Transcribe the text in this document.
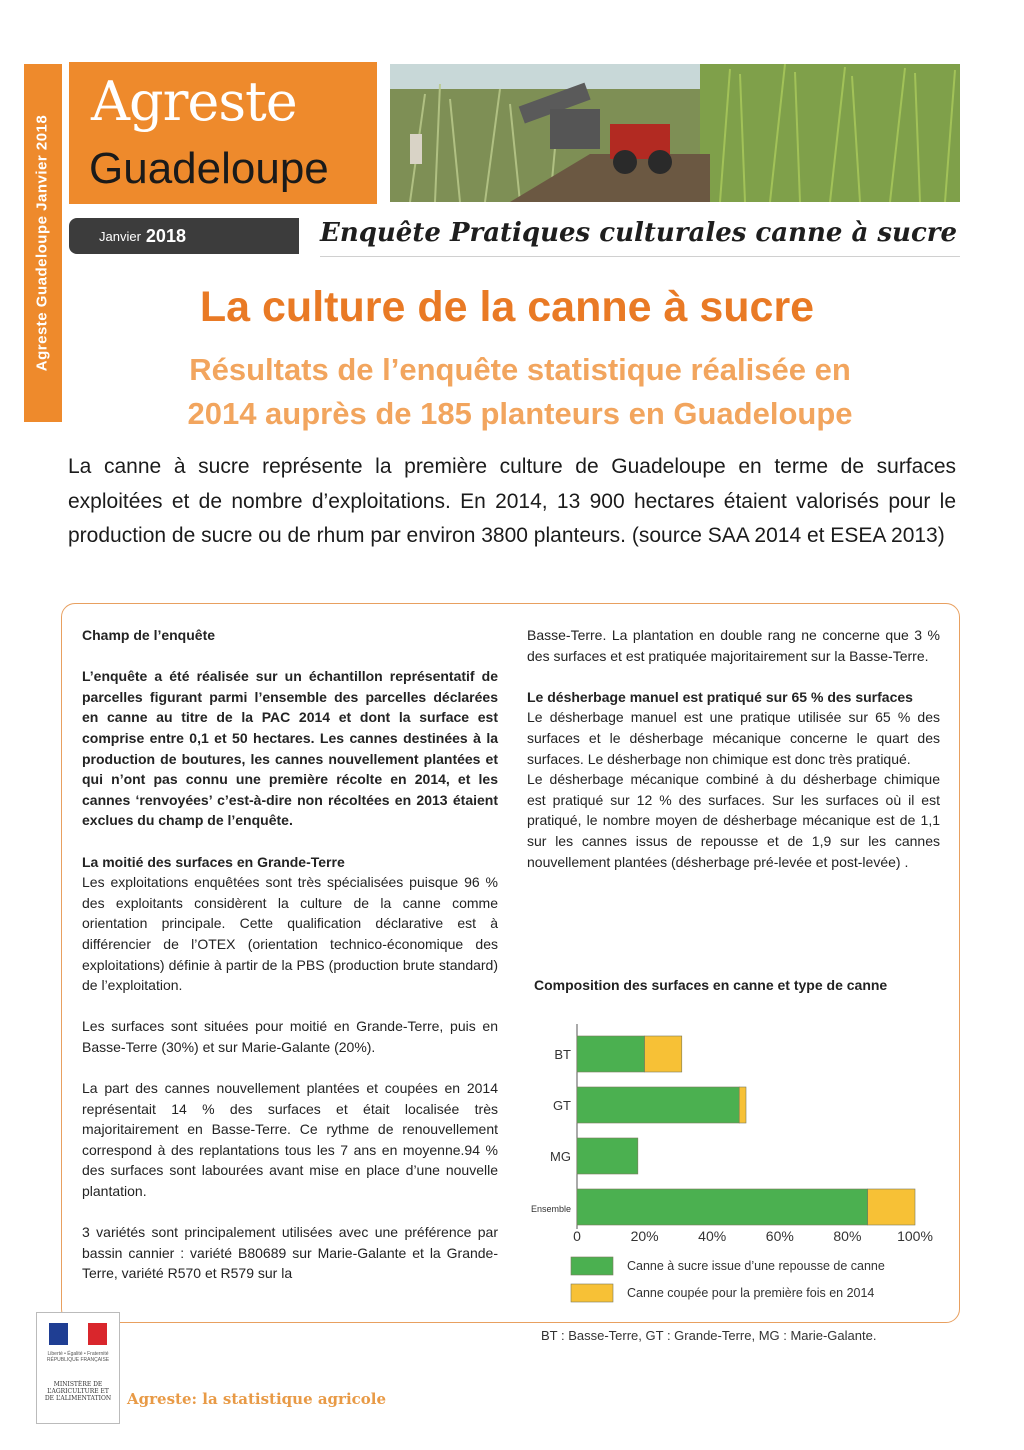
Agreste Guadeloupe Janvier 2018
Agreste
Guadeloupe
Janvier 2018	Enquête Pratiques culturales canne à sucre
La culture de la canne à sucre
Résultats de l’enquête statistique réalisée en
2014 auprès de 185 planteurs en Guadeloupe
La canne à sucre représente la première culture de Guadeloupe en terme de surfaces exploitées et de nombre d’exploitations. En 2014, 13 900 hectares étaient valorisés pour le production de sucre ou de rhum par environ 3800 planteurs. (source SAA 2014 et ESEA 2013)
Champ de l’enquête

L’enquête a été réalisée sur un échantillon représentatif de parcelles figurant parmi l’ensemble des parcelles déclarées en canne au titre de la PAC 2014 et dont la surface est comprise entre 0,1 et 50 hectares. Les cannes destinées à la production de boutures, les cannes nouvellement plantées et qui n’ont pas connu une première récolte en 2014, et les cannes ‘renvoyées’ c’est-à-dire non récoltées en 2013 étaient exclues du champ de l’enquête.

La moitié des surfaces en Grande-Terre

Les exploitations enquêtées sont très spécialisées puisque 96 % des exploitants considèrent la culture de la canne comme orientation principale. Cette qualification déclarative est à différencier de l’OTEX (orientation technico-économique des exploitations) définie à partir de la PBS (production brute standard) de l’exploitation.

Les surfaces sont situées pour moitié en Grande-Terre, puis en Basse-Terre (30%) et sur Marie-Galante (20%).

La part des cannes nouvellement plantées et coupées en 2014 représentait 14 % des surfaces et était localisée très majoritairement en Basse-Terre. Ce rythme de renouvellement correspond à des replantations tous les 7 ans en moyenne.94 % des surfaces sont labourées avant mise en place d’une nouvelle plantation.

3 variétés sont principalement utilisées avec une préférence par bassin cannier : variété B80689 sur Marie-Galante et la Grande-Terre, variété R570 et R579 sur la

Basse-Terre. La plantation en double rang ne concerne que 3 % des surfaces et est pratiquée majoritairement sur la Basse-Terre.

Le désherbage manuel est pratiqué sur 65 % des surfaces

Le désherbage manuel est une pratique utilisée sur 65 % des surfaces et le désherbage mécanique concerne le quart des surfaces. Le désherbage non chimique est donc très pratiqué.

Le désherbage mécanique combiné à du désherbage chimique est pratiqué sur 12 % des surfaces. Sur les surfaces où il est pratiqué, le nombre moyen de désherbage mécanique est de 1,1 sur les cannes issus de repousse et de 1,9 sur les cannes nouvellement plantées (désherbage pré-levée et post-levée) .

Composition des surfaces en canne et type de canne
BT
GT
MG
Ensemble
0	20%	40%	60%	80%	100%
Canne à sucre issue d’une repousse de canne
Canne coupée pour la première fois en 2014
BT : Basse-Terre, GT : Grande-Terre, MG : Marie-Galante.
Liberté • Égalité • Fraternité RÉPUBLIQUE FRANÇAISE
MINISTÈRE DE L’AGRICULTURE ET DE L’ALIMENTATION Agreste: la statistique agricole
